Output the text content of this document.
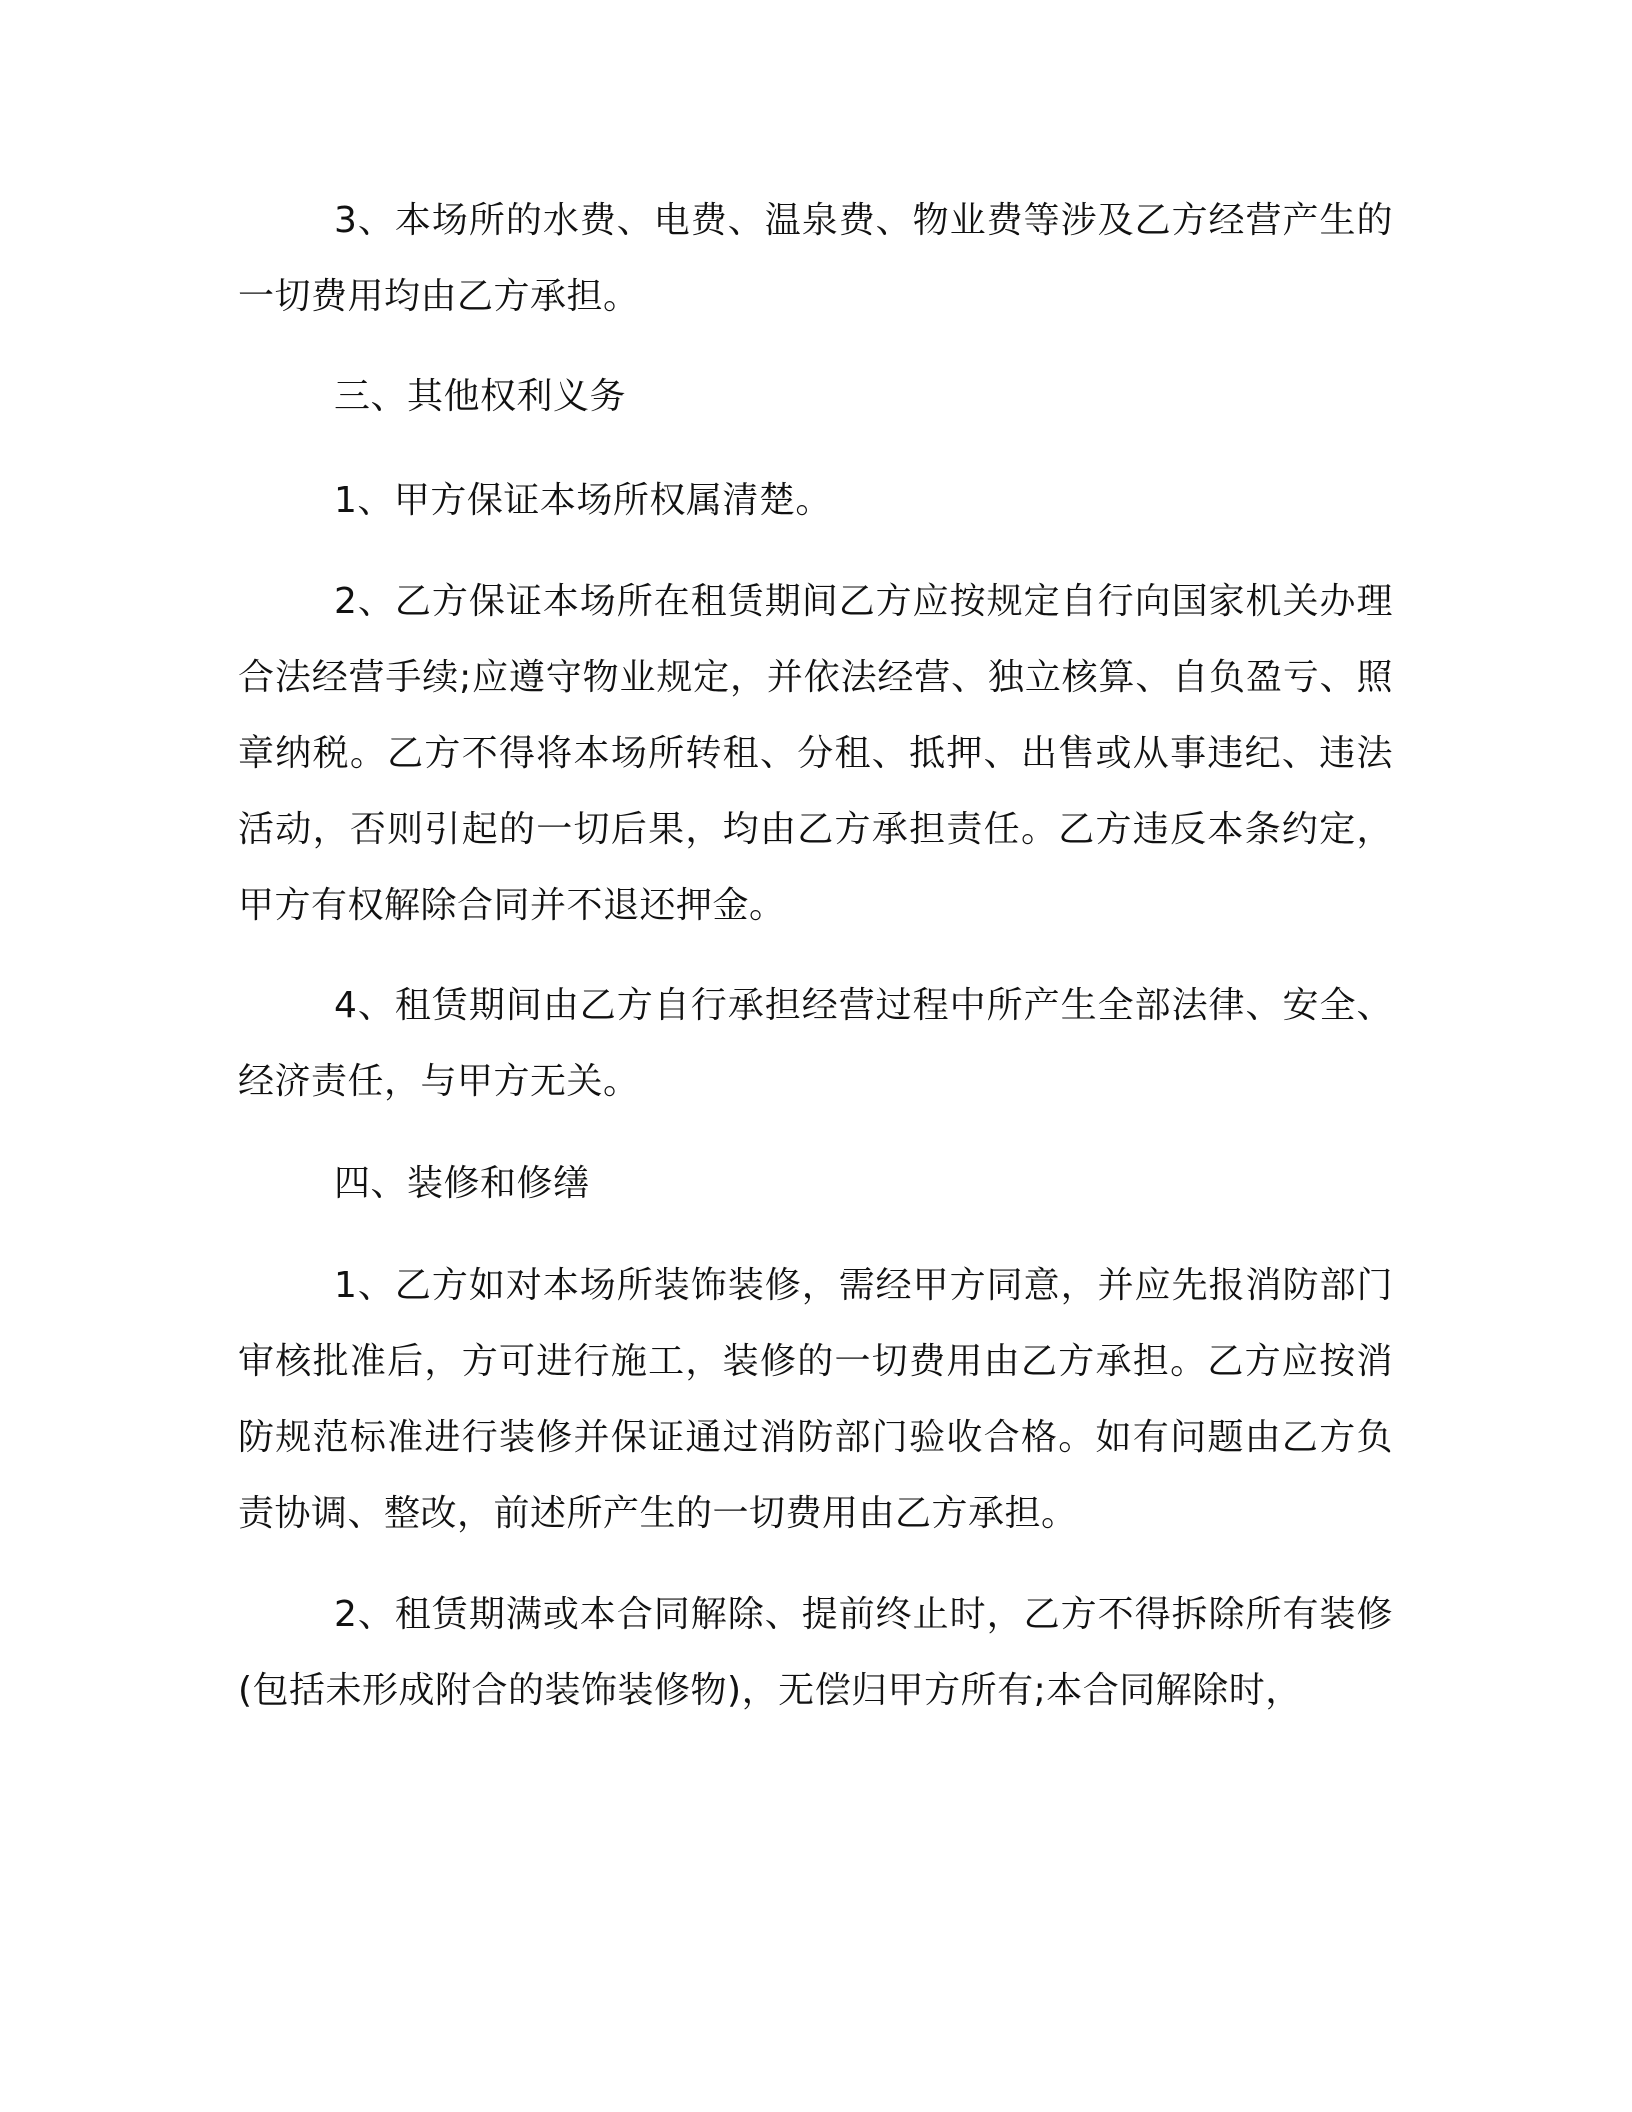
3、本场所的水费、电费、温泉费、物业费等涉及乙方经营产生的一切费用均由乙方承担。

三、其他权利义务

1、甲方保证本场所权属清楚。

2、乙方保证本场所在租赁期间乙方应按规定自行向国家机关办理合法经营手续;应遵守物业规定，并依法经营、独立核算、自负盈亏、照章纳税。乙方不得将本场所转租、分租、抵押、出售或从事违纪、违法活动，否则引起的一切后果，均由乙方承担责任。乙方违反本条约定，甲方有权解除合同并不退还押金。

4、租赁期间由乙方自行承担经营过程中所产生全部法律、安全、经济责任，与甲方无关。

四、装修和修缮

1、乙方如对本场所装饰装修，需经甲方同意，并应先报消防部门审核批准后，方可进行施工，装修的一切费用由乙方承担。乙方应按消防规范标准进行装修并保证通过消防部门验收合格。如有问题由乙方负责协调、整改，前述所产生的一切费用由乙方承担。

2、租赁期满或本合同解除、提前终止时，乙方不得拆除所有装修(包括未形成附合的装饰装修物)，无偿归甲方所有;本合同解除时，
